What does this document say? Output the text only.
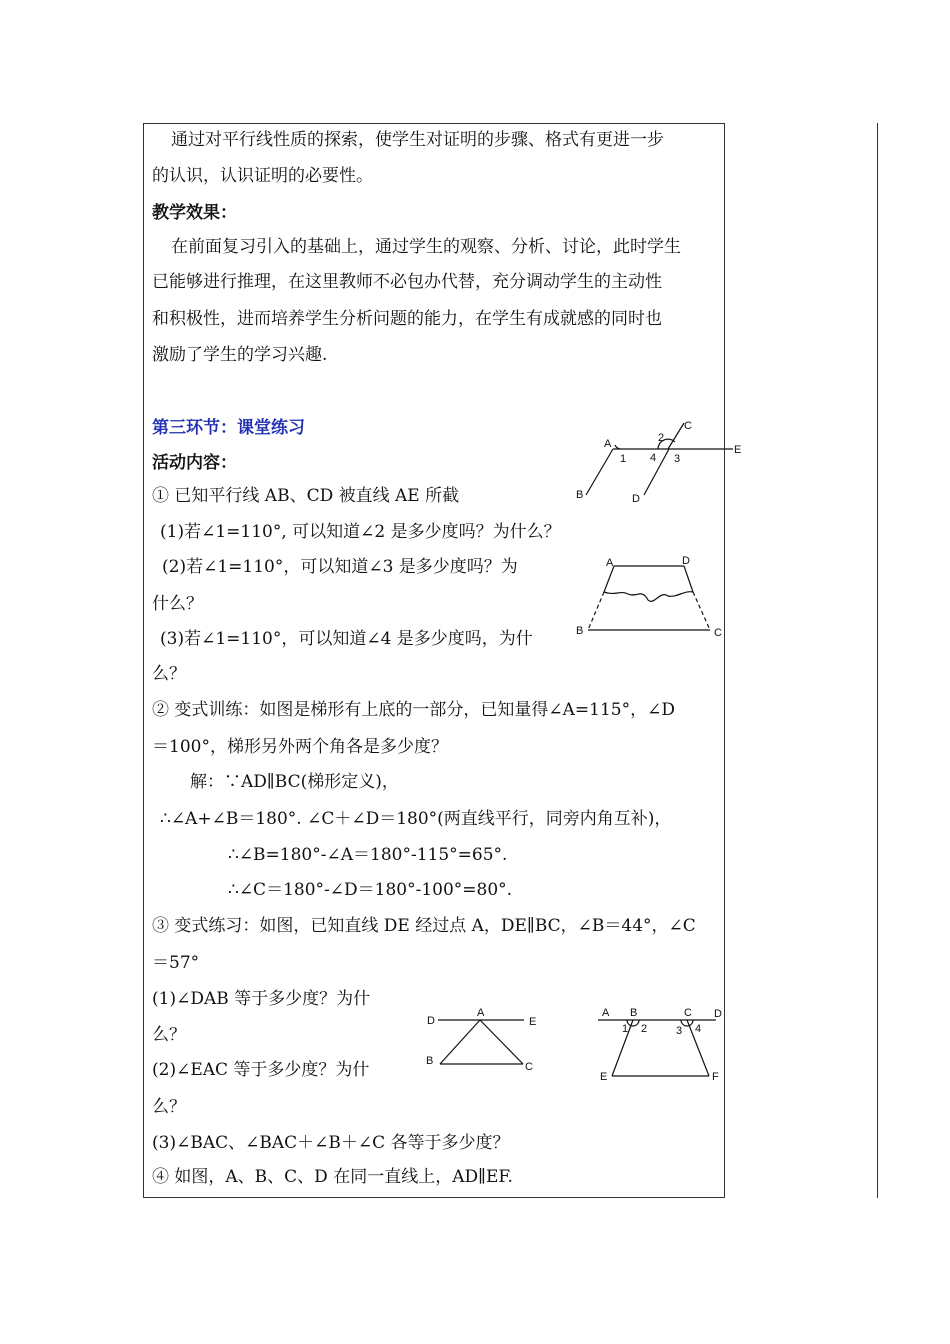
通过对平行线性质的探索，使学生对证明的步骤、格式有更进一步
的认识，认识证明的必要性。
教学效果：
在前面复习引入的基础上，通过学生的观察、分析、讨论，此时学生
已能够进行推理，在这里教师不必包办代替，充分调动学生的主动性
和积极性，进而培养学生分析问题的能力，在学生有成就感的同时也
激励了学生的学习兴趣.
第三环节：课堂练习
活动内容：
① 已知平行线 AB、CD 被直线 AE 所截
(1)若∠1=110°, 可以知道∠2 是多少度吗？为什么？
(2)若∠1=110°，可以知道∠3 是多少度吗？为
什么？
(3)若∠1=110°，可以知道∠4 是多少度吗，为什
么？
② 变式训练：如图是梯形有上底的一部分，已知量得∠A=115°，∠D
＝100°，梯形另外两个角各是多少度？
解：∵AD∥BC(梯形定义)，
∴∠A+∠B＝180°. ∠C＋∠D＝180°(两直线平行，同旁内角互补)，
∴∠B=180°-∠A＝180°-115°=65°.
∴∠C＝180°-∠D＝180°-100°=80°.
③ 变式练习：如图，已知直线 DE 经过点 A，DE∥BC，∠B＝44°，∠C
＝57°
(1)∠DAB 等于多少度？为什
么？
(2)∠EAC 等于多少度？为什
么？
(3)∠BAC、∠BAC＋∠B＋∠C 各等于多少度？
④ 如图，A、B、C、D 在同一直线上，AD∥EF.
A
B
C
D
E
1
2
3
4
A	D
B	C
D
A
E
B	C
A B	C D
E	F
1 2	3 4
